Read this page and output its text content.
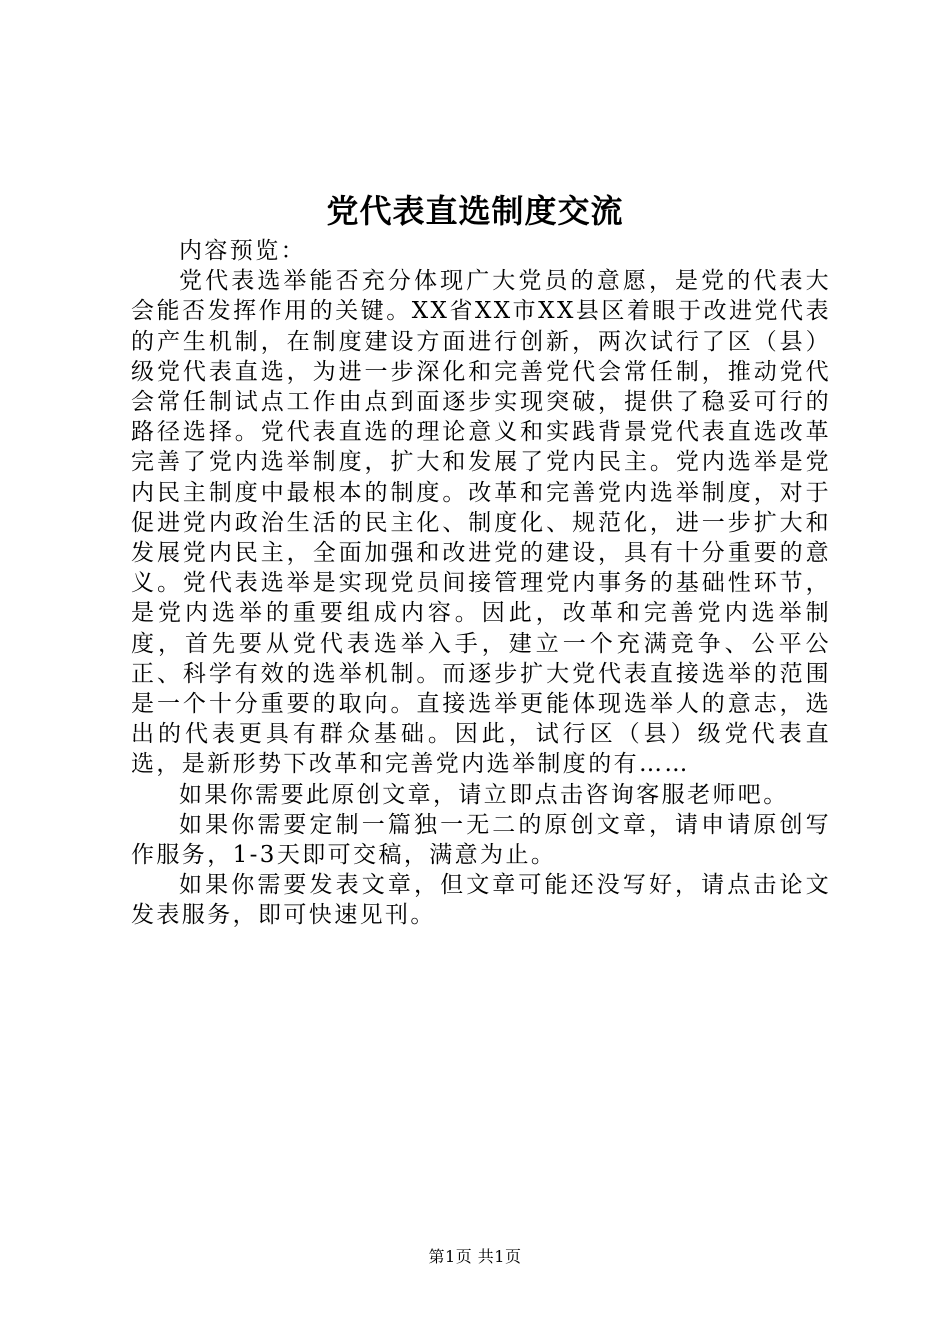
党代表直选制度交流

内容预览：

党代表选举能否充分体现广大党员的意愿，是党的代表大会能否发挥作用的关键。XX省XX市XX县区着眼于改进党代表的产生机制，在制度建设方面进行创新，两次试行了区（县）级党代表直选，为进一步深化和完善党代会常任制，推动党代会常任制试点工作由点到面逐步实现突破，提供了稳妥可行的路径选择。党代表直选的理论意义和实践背景党代表直选改革完善了党内选举制度，扩大和发展了党内民主。党内选举是党内民主制度中最根本的制度。改革和完善党内选举制度，对于促进党内政治生活的民主化、制度化、规范化，进一步扩大和发展党内民主，全面加强和改进党的建设，具有十分重要的意义。党代表选举是实现党员间接管理党内事务的基础性环节，是党内选举的重要组成内容。因此，改革和完善党内选举制度，首先要从党代表选举入手，建立一个充满竞争、公平公正、科学有效的选举机制。而逐步扩大党代表直接选举的范围是一个十分重要的取向。直接选举更能体现选举人的意志，选出的代表更具有群众基础。因此，试行区（县）级党代表直选，是新形势下改革和完善党内选举制度的有……

如果你需要此原创文章，请立即点击咨询客服老师吧。

如果你需要定制一篇独一无二的原创文章，请申请原创写作服务，1-3天即可交稿，满意为止。

如果你需要发表文章，但文章可能还没写好，请点击论文发表服务，即可快速见刊。

第1页 共1页
